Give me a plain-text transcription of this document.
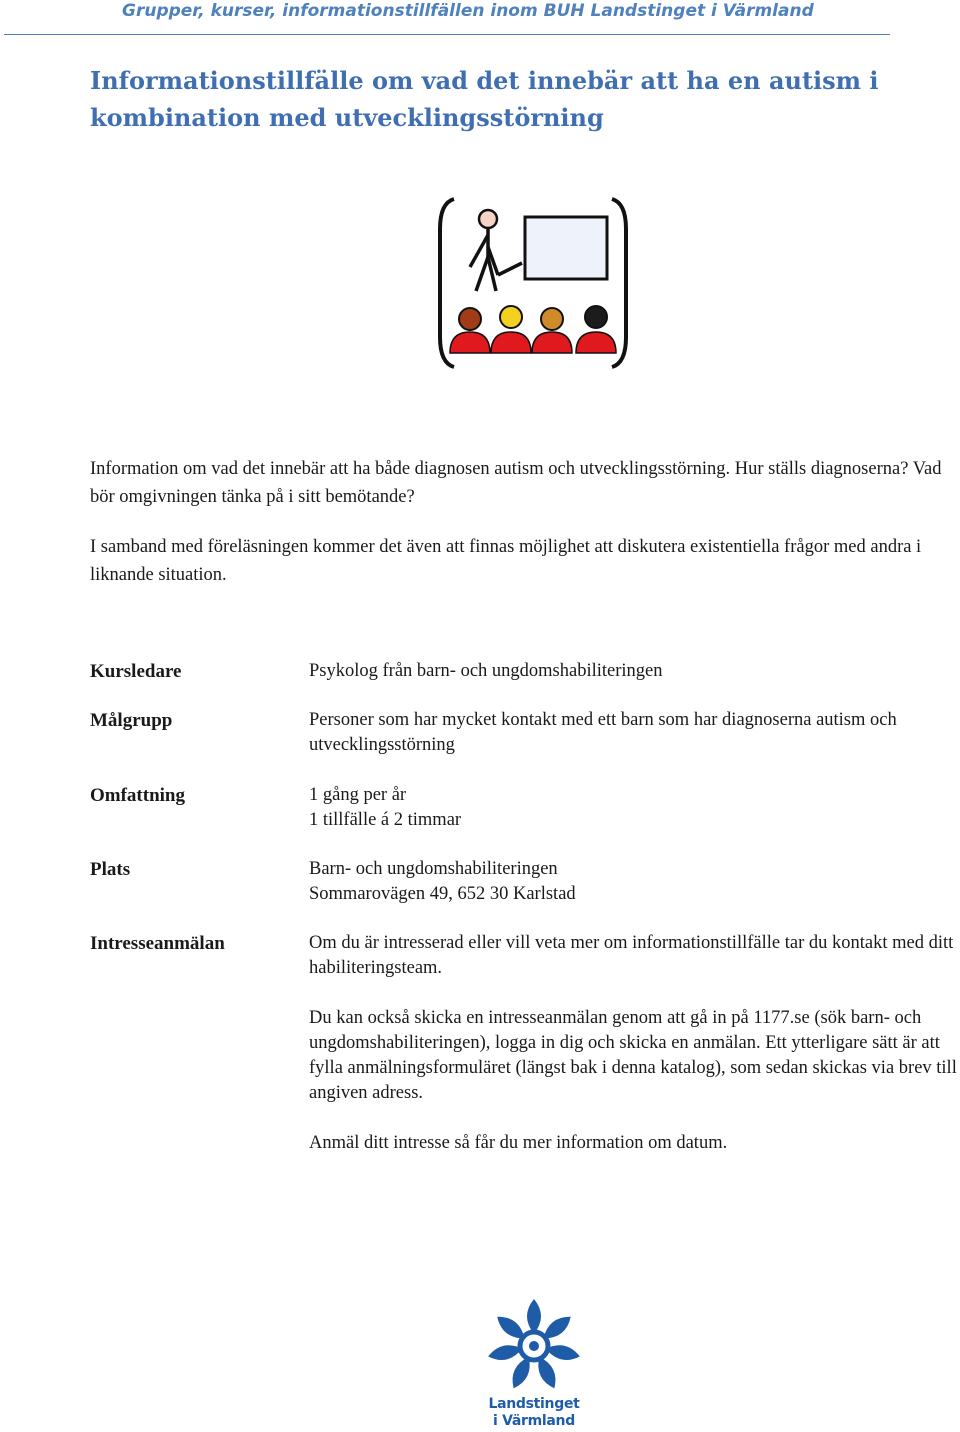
Grupper, kurser, informationstillfällen inom BUH Landstinget i Värmland
Informationstillfälle om vad det innebär att ha en autism i kombination med utvecklingsstörning

Information om vad det innebär att ha både diagnosen autism och utvecklingsstörning. Hur ställs diagnoserna? Vad bör omgivningen tänka på i sitt bemötande?

I samband med föreläsningen kommer det även att finnas möjlighet att diskutera existentiella frågor med andra i liknande situation.

Kursledare	Psykolog från barn- och ungdomshabiliteringen

Målgrupp	Personer som har mycket kontakt med ett barn som har diagnoserna autism och utvecklingsstörning

Omfattning	1 gång per år
1 tillfälle á 2 timmar
Plats	Barn- och ungdomshabiliteringen
Sommarovägen 49, 652 30 Karlstad
Intresseanmälan	Om du är intresserad eller vill veta mer om informationstillfälle tar du kontakt med ditt habiliteringsteam.

Du kan också skicka en intresseanmälan genom att gå in på 1177.se (sök barn- och ungdomshabiliteringen), logga in dig och skicka en anmälan. Ett ytterligare sätt är att fylla anmälningsformuläret (längst bak i denna katalog), som sedan skickas via brev till angiven adress.

Anmäl ditt intresse så får du mer information om datum.

Landstinget
i Värmland
